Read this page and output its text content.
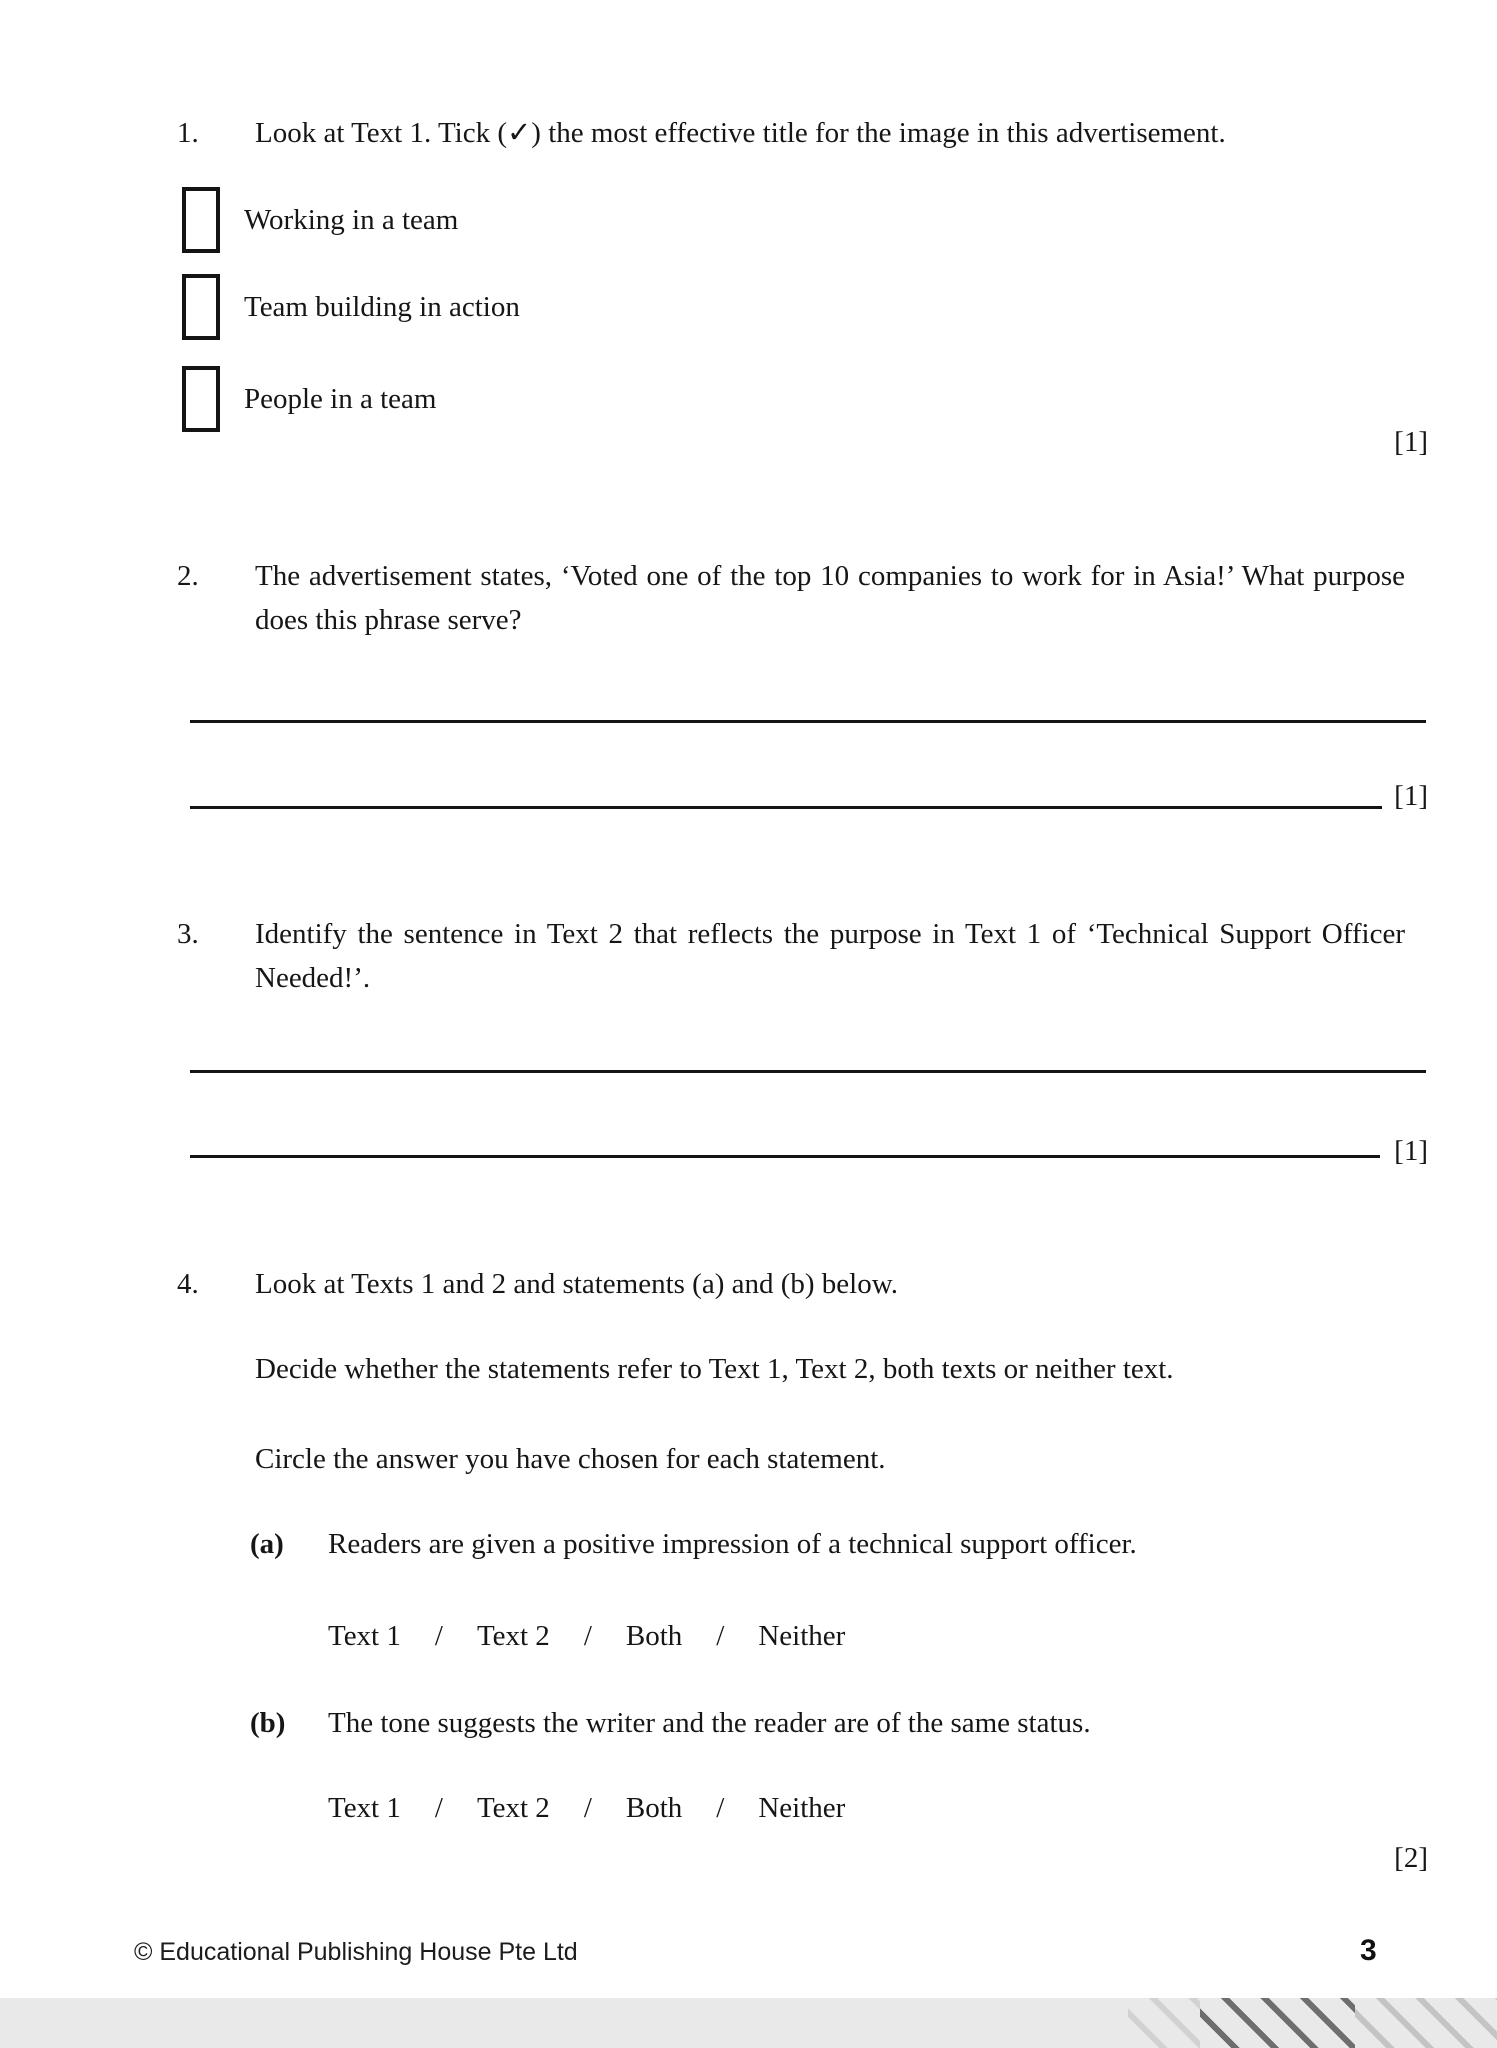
1. Look at Text 1. Tick (✓) the most effective title for the image in this advertisement.
Working in a team
Team building in action
People in a team
[1]
2. The advertisement states, ‘Voted one of the top 10 companies to work for in Asia!’ What purpose does this phrase serve?
[1]
3. Identify the sentence in Text 2 that reflects the purpose in Text 1 of ‘Technical Support Officer Needed!’.
[1]
4. Look at Texts 1 and 2 and statements (a) and (b) below.
Decide whether the statements refer to Text 1, Text 2, both texts or neither text.
Circle the answer you have chosen for each statement.
(a) Readers are given a positive impression of a technical support officer.
Text 1 / Text 2 / Both / Neither
(b) The tone suggests the writer and the reader are of the same status.
Text 1 / Text 2 / Both / Neither
[2]
© Educational Publishing House Pte Ltd	3
